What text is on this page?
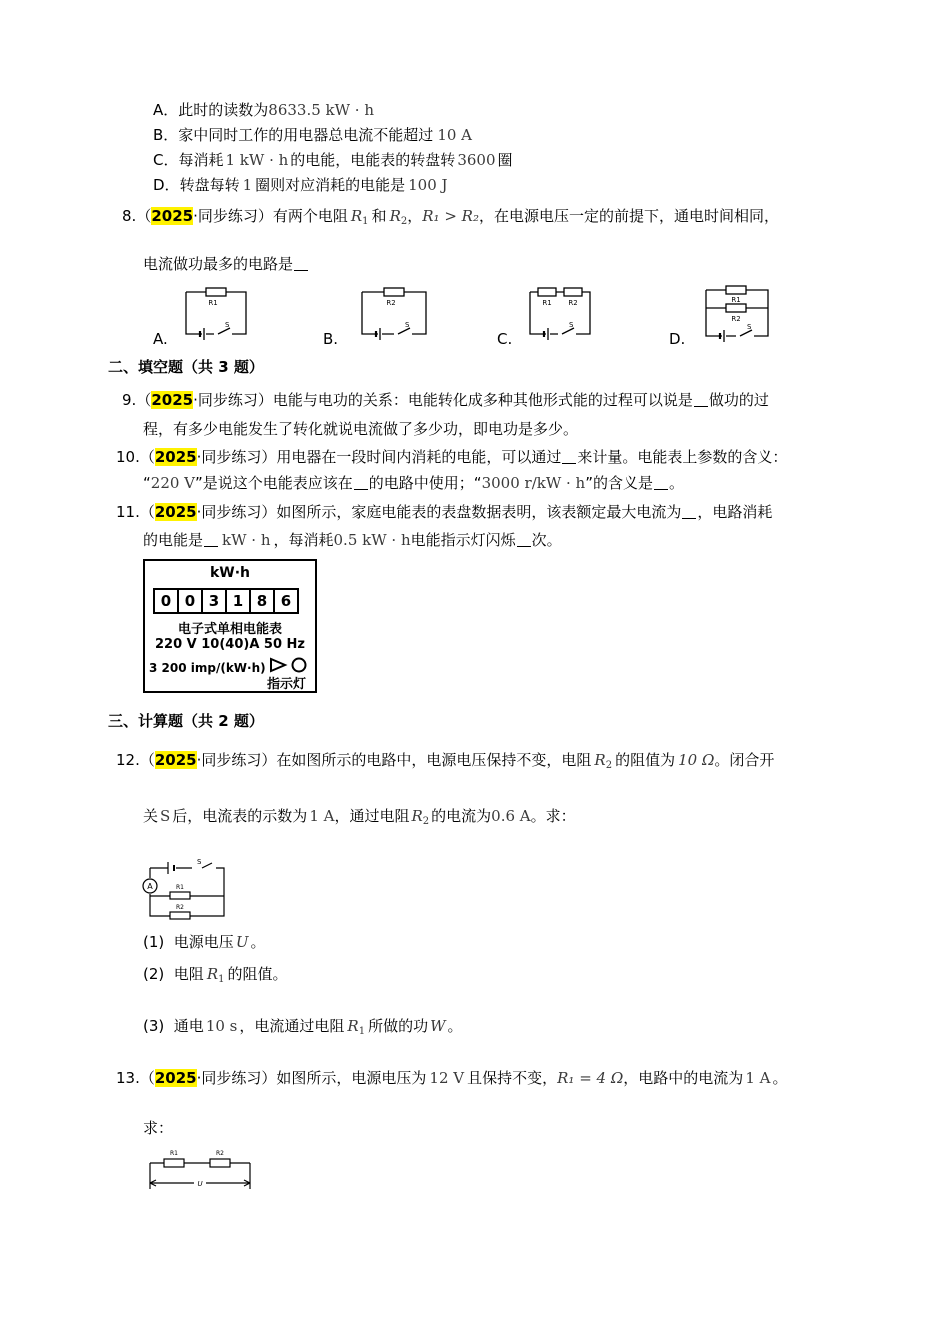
A．此时的读数为8633.5 kW · h
B．家中同时工作的用电器总电流不能超过 10 A
C．每消耗 1 kW · h 的电能，电能表的转盘转 3600 圈
D．转盘每转 1 圈则对应消耗的电能是 100 J
8.（2025·同步练习）有两个电阻 $R_1$ 和 $R_2$，R₁ > R₂，在电源电压一定的前提下，通电时间相同，
电流做功最多的电路是
A.
R1
S
B.
R2
S
C.
R1 R2
S
D.
R1
R2
S
二、填空题（共 3 题）
9.（2025·同步练习）电能与电功的关系：电能转化成多种其他形式能的过程可以说是 做功的过
程，有多少电能发生了转化就说电流做了多少功，即电功是多少。
10.（2025·同步练习）用电器在一段时间内消耗的电能，可以通过 来计量。电能表上参数的含义：
“220 V”是说这个电能表应该在 的电路中使用；“3000 r/kW · h”的含义是 。
11.（2025·同步练习）如图所示，家庭电能表的表盘数据表明，该表额定最大电流为 ，电路消耗
的电能是 kW · h ，每消耗0.5 kW · h电能指示灯闪烁 次。
kW·h
0 0 3 1 8 6
电子式单相电能表
220 V 10(40)A 50 Hz
3 200 imp/(kW·h)
指示灯
三、计算题（共 2 题）
12.（2025·同步练习）在如图所示的电路中，电源电压保持不变，电阻 $R_2$ 的阻值为 10 Ω。闭合开
关 S 后，电流表的示数为 1 A，通过电阻 $R_2$ 的电流为0.6 A。求：
A
S
R1
R2
(1) 电源电压 U 。
(2) 电阻 $R_1$ 的阻值。
(3) 通电 10 s ，电流通过电阻 $R_1$ 所做的功 W 。
13.（2025·同步练习）如图所示，电源电压为 12 V 且保持不变，R₁ = 4 Ω，电路中的电流为 1 A 。
求：
R1	R2
U
